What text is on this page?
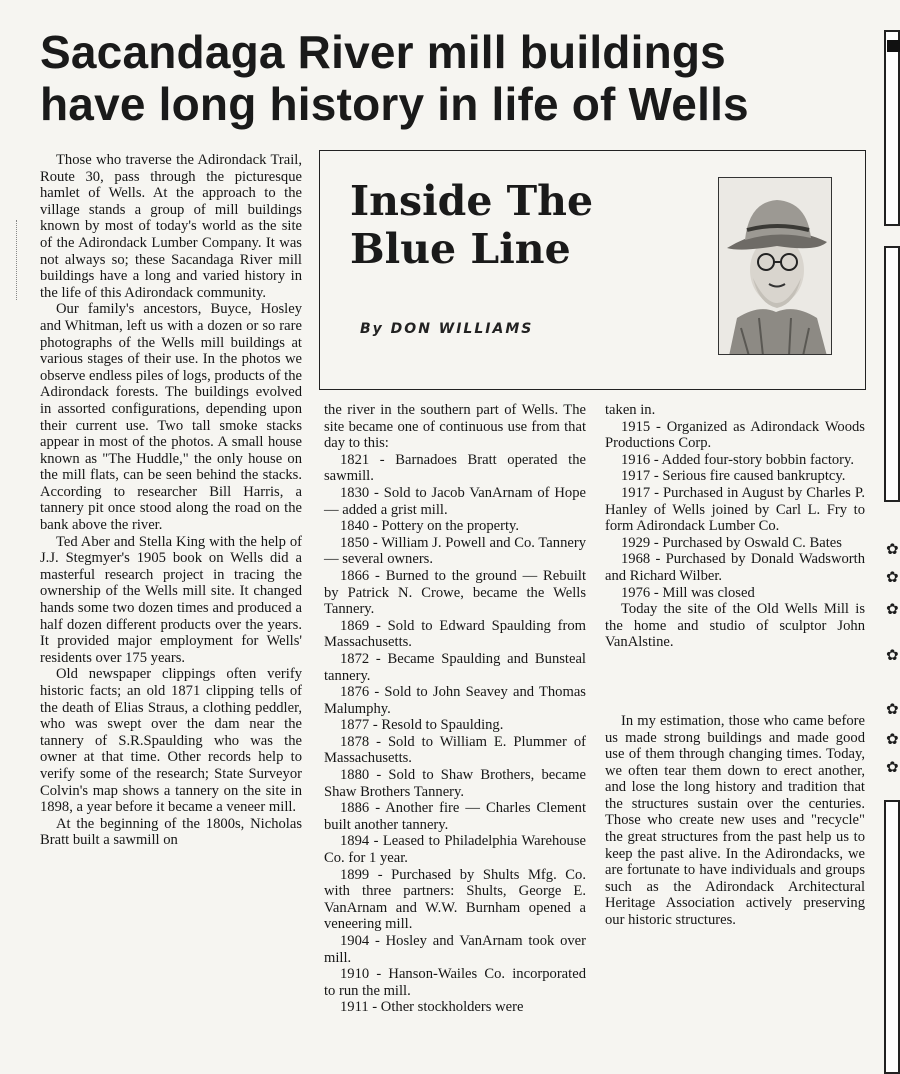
Sacandaga River mill buildings
have long history in life of Wells

Those who traverse the Adirondack Trail, Route 30, pass through the picturesque hamlet of Wells. At the approach to the village stands a group of mill buildings known by most of today's world as the site of the Adirondack Lumber Company. It was not always so; these Sacandaga River mill buildings have a long and varied history in the life of this Adirondack community.

Our family's ancestors, Buyce, Hosley and Whitman, left us with a dozen or so rare photographs of the Wells mill buildings at various stages of their use. In the photos we observe endless piles of logs, products of the Adirondack forests. The buildings evolved in assorted configurations, depending upon their current use. Two tall smoke stacks appear in most of the photos. A small house known as "The Huddle," the only house on the mill flats, can be seen behind the stacks. According to researcher Bill Harris, a tannery pit once stood along the road on the bank above the river.

Ted Aber and Stella King with the help of J.J. Stegmyer's 1905 book on Wells did a masterful research project in tracing the ownership of the Wells mill site. It changed hands some two dozen times and produced a half dozen different products over the years. It provided major employment for Wells' residents over 175 years.

Old newspaper clippings often verify historic facts; an old 1871 clipping tells of the death of Elias Straus, a clothing peddler, who was swept over the dam near the tannery of S.R.Spaulding who was the owner at that time. Other records help to verify some of the research; State Surveyor Colvin's map shows a tannery on the site in 1898, a year before it became a veneer mill.

At the beginning of the 1800s, Nicholas Bratt built a sawmill on

Inside The
Blue Line
By DON WILLIAMS

the river in the southern part of Wells. The site became one of continuous use from that day to this:

1821 - Barnadoes Bratt operated the sawmill.

1830 - Sold to Jacob VanArnam of Hope — added a grist mill.

1840 - Pottery on the property.

1850 - William J. Powell and Co. Tannery — several owners.

1866 - Burned to the ground — Rebuilt by Patrick N. Crowe, became the Wells Tannery.

1869 - Sold to Edward Spaulding from Massachusetts.

1872 - Became Spaulding and Bunsteal tannery.

1876 - Sold to John Seavey and Thomas Malumphy.

1877 - Resold to Spaulding.

1878 - Sold to William E. Plummer of Massachusetts.

1880 - Sold to Shaw Brothers, became Shaw Brothers Tannery.

1886 - Another fire — Charles Clement built another tannery.

1894 - Leased to Philadelphia Warehouse Co. for 1 year.

1899 - Purchased by Shults Mfg. Co. with three partners: Shults, George E. VanArnam and W.W. Burnham opened a veneering mill.

1904 - Hosley and VanArnam took over mill.

1910 - Hanson-Wailes Co. incorporated to run the mill.

1911 - Other stockholders were

taken in.

1915 - Organized as Adirondack Woods Productions Corp.

1916 - Added four-story bobbin factory.

1917 - Serious fire caused bankruptcy.

1917 - Purchased in August by Charles P. Hanley of Wells joined by Carl L. Fry to form Adirondack Lumber Co.

1929 - Purchased by Oswald C. Bates

1968 - Purchased by Donald Wadsworth and Richard Wilber.

1976 - Mill was closed

Today the site of the Old Wells Mill is the home and studio of sculptor John VanAlstine.

In my estimation, those who came before us made strong buildings and made good use of them through changing times. Today, we often tear them down to erect another, and lose the long history and tradition that the structures sustain over the centuries. Those who create new uses and "recycle" the great structures from the past help us to keep the past alive. In the Adirondacks, we are fortunate to have individuals and groups such as the Adirondack Architectural Heritage Association actively preserving our historic structures.

✿
✿
✿
✿
✿
✿
✿
